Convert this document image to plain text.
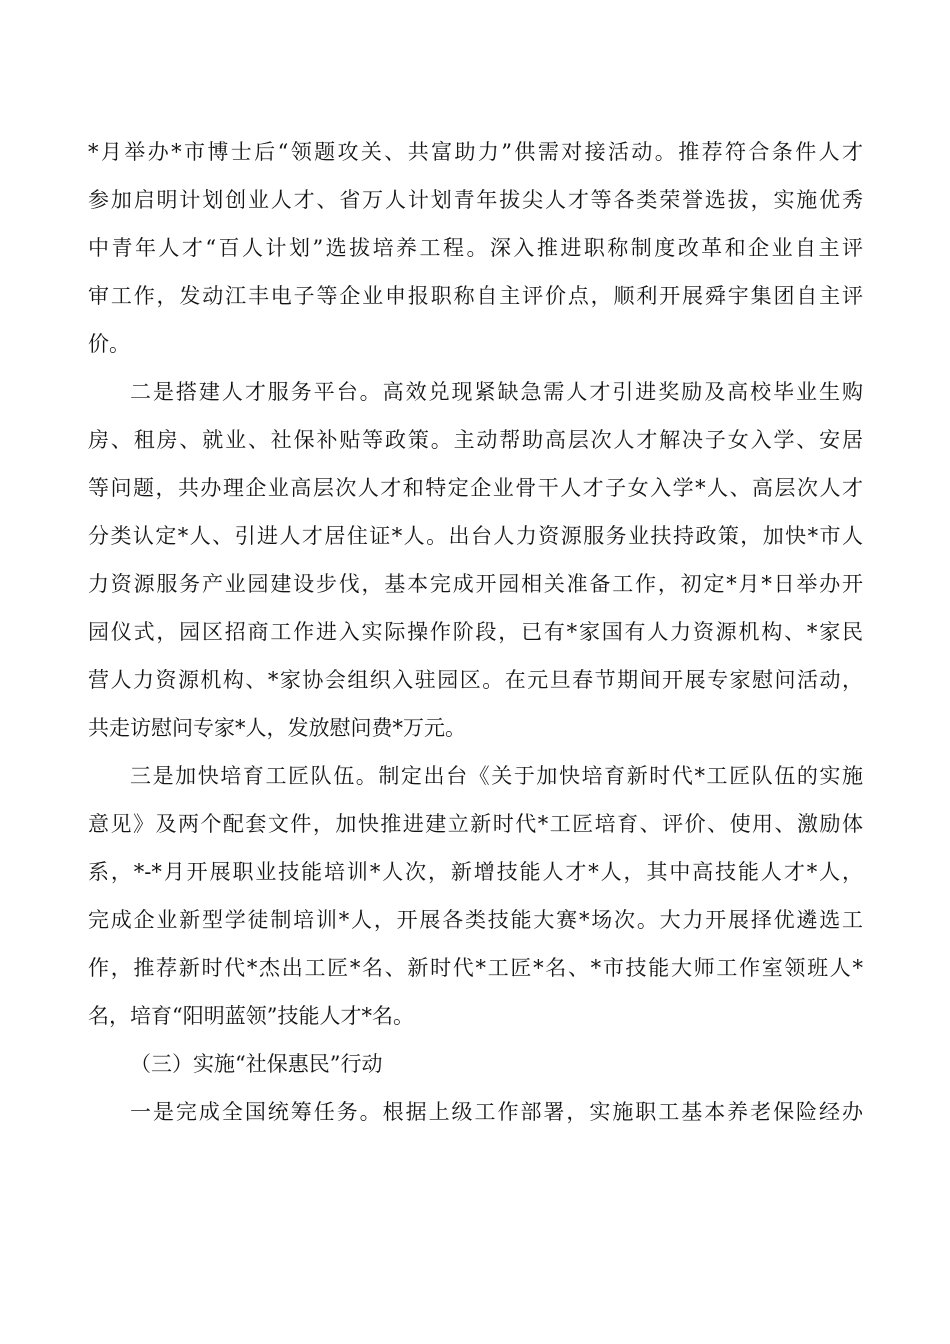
*月举办*市博士后“领题攻关、共富助力”供需对接活动。推荐符合条件人才
参加启明计划创业人才、省万人计划青年拔尖人才等各类荣誉选拔，实施优秀
中青年人才“百人计划”选拔培养工程。深入推进职称制度改革和企业自主评
审工作，发动江丰电子等企业申报职称自主评价点，顺利开展舜宇集团自主评
价。
二是搭建人才服务平台。高效兑现紧缺急需人才引进奖励及高校毕业生购
房、租房、就业、社保补贴等政策。主动帮助高层次人才解决子女入学、安居
等问题，共办理企业高层次人才和特定企业骨干人才子女入学*人、高层次人才
分类认定*人、引进人才居住证*人。出台人力资源服务业扶持政策，加快*市人
力资源服务产业园建设步伐，基本完成开园相关准备工作，初定*月*日举办开
园仪式，园区招商工作进入实际操作阶段，已有*家国有人力资源机构、*家民
营人力资源机构、*家协会组织入驻园区。在元旦春节期间开展专家慰问活动，
共走访慰问专家*人，发放慰问费*万元。
三是加快培育工匠队伍。制定出台《关于加快培育新时代*工匠队伍的实施
意见》及两个配套文件，加快推进建立新时代*工匠培育、评价、使用、激励体
系，*-*月开展职业技能培训*人次，新增技能人才*人，其中高技能人才*人，
完成企业新型学徒制培训*人，开展各类技能大赛*场次。大力开展择优遴选工
作，推荐新时代*杰出工匠*名、新时代*工匠*名、*市技能大师工作室领班人*
名，培育“阳明蓝领”技能人才*名。
（三）实施“社保惠民”行动
一是完成全国统筹任务。根据上级工作部署，实施职工基本养老保险经办
